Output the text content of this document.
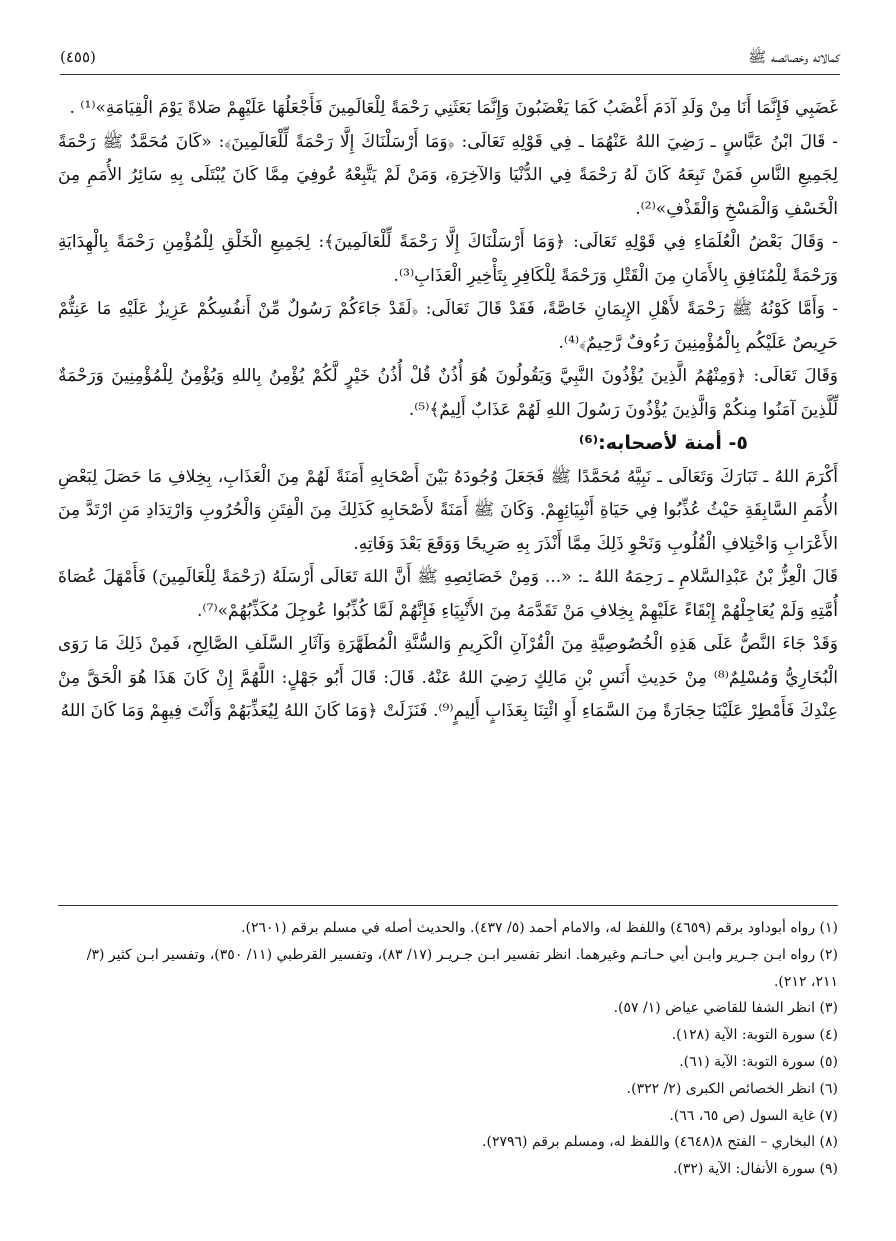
كمالاته وخصائصه ﷺ
(٤٥٥)

غَضَبِي فَإِنَّمَا أَنَا مِنْ وَلَدِ آدَمَ أَغْضَبُ كَمَا يَغْضَبُونَ وَإِنَّمَا بَعَثَنِي رَحْمَةً لِلْعَالَمِينَ فَأَجْعَلُهَا عَلَيْهِمْ صَلاةً يَوْمَ الْقِيَامَةِ»⁽¹⁾ .

- قَالَ ابْنُ عَبَّاسٍ ـ رَضِيَ اللهُ عَنْهُمَا ـ فِي قَوْلِهِ تَعَالَى: ﴿وَمَا أَرْسَلْنَاكَ إِلَّا رَحْمَةً لِّلْعَالَمِينَ﴾: «كَانَ مُحَمَّدٌ ﷺ رَحْمَةً لِجَمِيعِ النَّاسِ فَمَنْ تَبِعَهُ كَانَ لَهُ رَحْمَةً فِي الدُّنْيَا وَالآخِرَةِ، وَمَنْ لَمْ يَتَّبِعْهُ عُوفِيَ مِمَّا كَانَ يُبْتَلَى بِهِ سَائِرُ الأُمَمِ مِنَ الْخَسْفِ وَالْمَسْخِ وَالْقَذْفِ»⁽²⁾.

- وَقَالَ بَعْضُ الْعُلَمَاءِ فِي قَوْلِهِ تَعَالَى: ﴿وَمَا أَرْسَلْنَاكَ إِلَّا رَحْمَةً لِّلْعَالَمِينَ﴾: لِجَمِيعِ الْخَلْقِ لِلْمُؤْمِنِ رَحْمَةً بِالْهِدَايَةِ وَرَحْمَةً لِلْمُنَافِقِ بِالأَمَانِ مِنَ الْقَتْلِ وَرَحْمَةً لِلْكَافِرِ بِتَأْخِيرِ الْعَذَابِ⁽³⁾.

- وَأَمَّا كَوْنُهُ ﷺ رَحْمَةً لأَهْلِ الإِيمَانِ خَاصَّةً، فَقَدْ قَالَ تَعَالَى: ﴿لَقَدْ جَاءَكُمْ رَسُولٌ مِّنْ أَنفُسِكُمْ عَزِيزٌ عَلَيْهِ مَا عَنِتُّمْ حَرِيصٌ عَلَيْكُم بِالْمُؤْمِنِينَ رَءُوفٌ رَّحِيمٌ﴾⁽⁴⁾.

وَقَالَ تَعَالَى: ﴿وَمِنْهُمُ الَّذِينَ يُؤْذُونَ النَّبِيَّ وَيَقُولُونَ هُوَ أُذُنٌ قُلْ أُذُنُ خَيْرٍ لَّكُمْ يُؤْمِنُ بِاللهِ وَيُؤْمِنُ لِلْمُؤْمِنِينَ وَرَحْمَةٌ لِّلَّذِينَ آمَنُوا مِنكُمْ وَالَّذِينَ يُؤْذُونَ رَسُولَ اللهِ لَهُمْ عَذَابٌ أَلِيمٌ﴾⁽⁵⁾.

٥- أمنة لأصحابه:⁽⁶⁾

أَكْرَمَ اللهُ ـ تَبَارَكَ وَتَعَالَى ـ نَبِيَّهُ مُحَمَّدًا ﷺ فَجَعَلَ وُجُودَهُ بَيْنَ أَصْحَابِهِ أَمَنَةً لَهُمْ مِنَ الْعَذَابِ، بِخِلافِ مَا حَصَلَ لِبَعْضِ الأُمَمِ السَّابِقَةِ حَيْثُ عُذِّبُوا فِي حَيَاةِ أَنْبِيَائِهِمْ. وَكَانَ ﷺ أَمَنَةً لأَصْحَابِهِ كَذَلِكَ مِنَ الْفِتَنِ وَالْحُرُوبِ وَارْتِدَادِ مَنِ ارْتَدَّ مِنَ الأَعْرَابِ وَاخْتِلافِ الْقُلُوبِ وَنَحْوِ ذَلِكَ مِمَّا أَنْذَرَ بِهِ صَرِيحًا وَوَقَعَ بَعْدَ وَفَاتِهِ.

قَالَ الْعِزُّ بْنُ عَبْدِالسَّلامِ ـ رَحِمَهُ اللهُ ـ: «... وَمِنْ خَصَائِصِهِ ﷺ أَنَّ اللهَ تَعَالَى أَرْسَلَهُ (رَحْمَةً لِلْعَالَمِينَ) فَأَمْهَلَ عُصَاةَ أُمَّتِهِ وَلَمْ يُعَاجِلْهُمْ إِبْقَاءً عَلَيْهِمْ بِخِلافِ مَنْ تَقَدَّمَهُ مِنَ الأَنْبِيَاءِ فَإِنَّهُمْ لَمَّا كُذِّبُوا عُوجِلَ مُكَذِّبُهُمْ»⁽⁷⁾.

وَقَدْ جَاءَ النَّصُّ عَلَى هَذِهِ الْخُصُوصِيَّةِ مِنَ الْقُرْآنِ الْكَرِيمِ وَالسُّنَّةِ الْمُطَهَّرَةِ وَآثَارِ السَّلَفِ الصَّالِحِ، فَمِنْ ذَلِكَ مَا رَوَى الْبُخَارِيُّ وَمُسْلِمٌ⁽⁸⁾ مِنْ حَدِيثِ أَنَسِ بْنِ مَالِكٍ رَضِيَ اللهُ عَنْهُ. قَالَ: قَالَ أَبُو جَهْلٍ: اللَّهُمَّ إِنْ كَانَ هَذَا هُوَ الْحَقَّ مِنْ عِنْدِكَ فَأَمْطِرْ عَلَيْنَا حِجَارَةً مِنَ السَّمَاءِ أَوِ ائْتِنَا بِعَذَابٍ أَلِيمٍ⁽⁹⁾. فَنَزَلَتْ ﴿وَمَا كَانَ اللهُ لِيُعَذِّبَهُمْ وَأَنْتَ فِيهِمْ وَمَا كَانَ اللهُ

(١) رواه أبوداود برقم (٤٦٥٩) واللفظ له، والامام أحمد (٥/ ٤٣٧). والحديث أصله في مسلم برقم (٢٦٠١).
(٢) رواه ابـن جـرير وابـن أبي حـاتـم وغيرهما. انظر تفسير ابـن جـريـر (١٧/ ٨٣)، وتفسير القرطبي (١١/ ٣٥٠)، وتفسير ابـن كثير (٣/ ٢١١، ٢١٢).
(٣) انظر الشفا للقاضي عياض (١/ ٥٧).
(٤) سورة التوبة: الآية (١٢٨).
(٥) سورة التوبة: الآية (٦١).
(٦) انظر الخصائص الكبرى (٢/ ٣٢٢).
(٧) غاية السول (ص ٦٥، ٦٦).
(٨) البخاري – الفتح ٨(٤٦٤٨) واللفظ له، ومسلم برقم (٢٧٩٦).
(٩) سورة الأنفال: الآية (٣٢).
